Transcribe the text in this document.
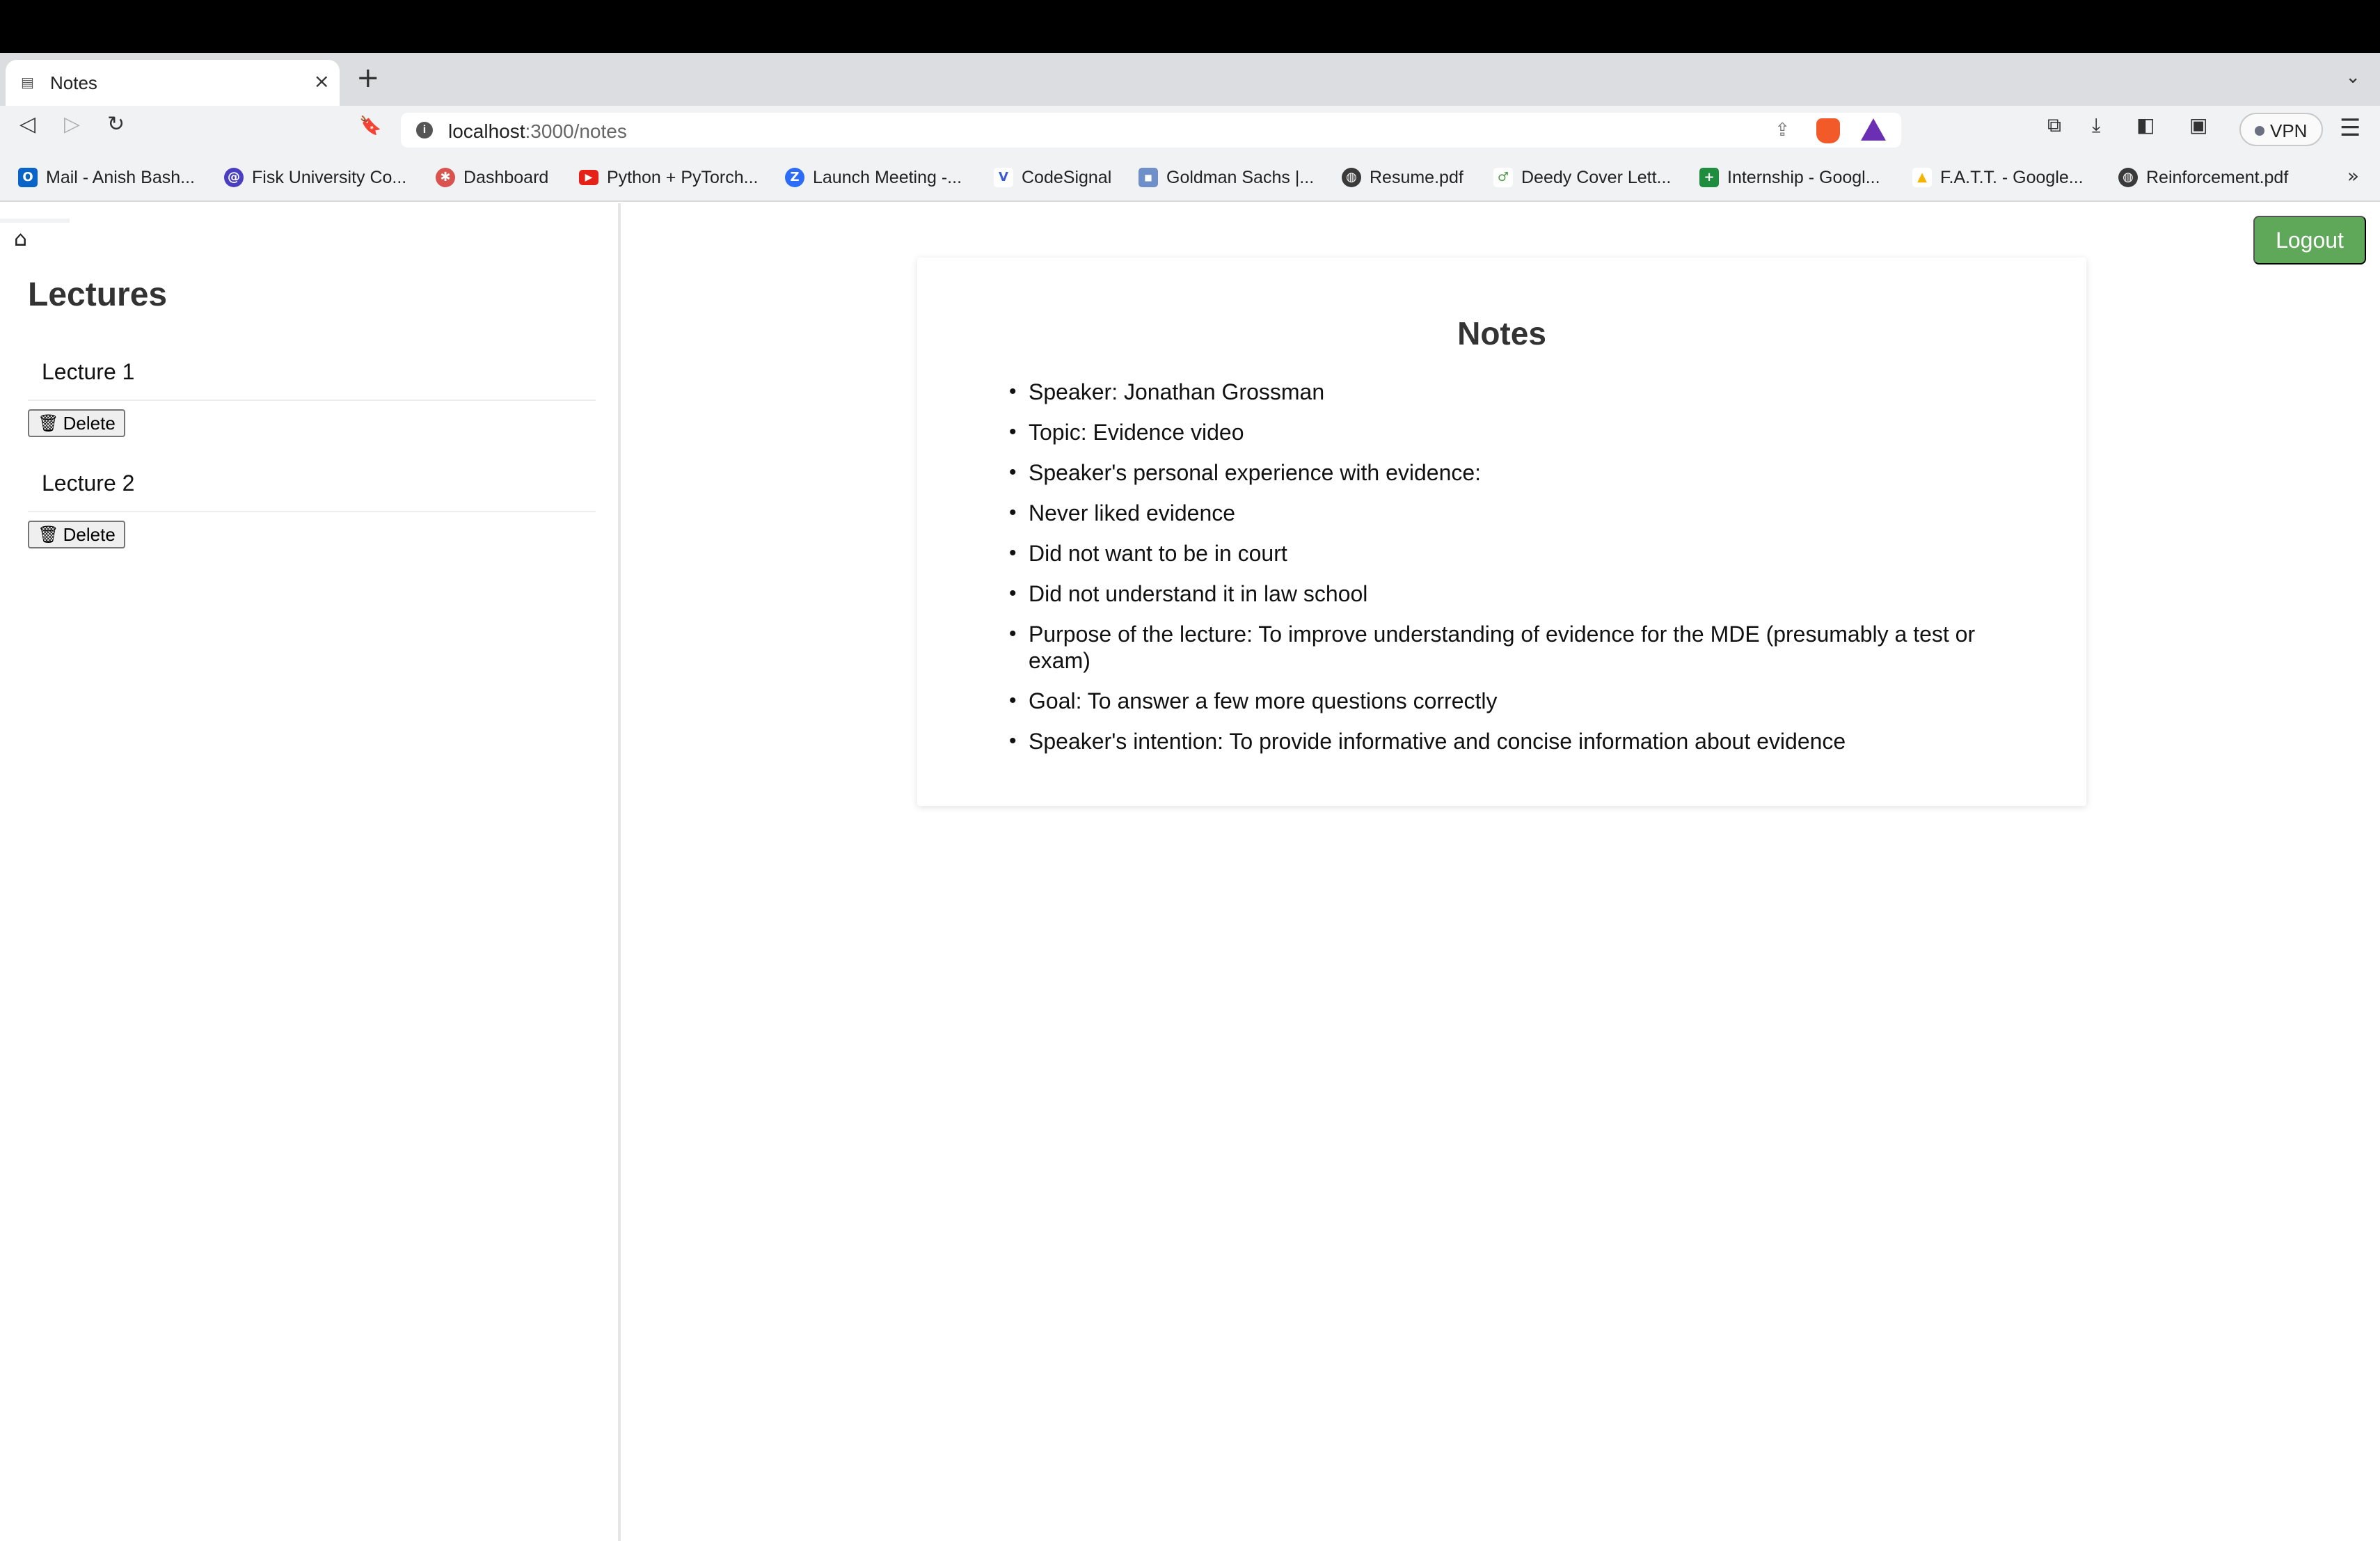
▤ Notes	× +	⌄
◁ ▷ ↻	🔖	i	localhost:3000/notes	⇪	⧉ ⤓ ◧ ▣	VPN ☰
O Mail - Anish Bash...	@ Fisk University Co...	✱ Dashboard	▶ Python + PyTorch...	Z Launch Meeting -...	V CodeSignal	■ Goldman Sachs |...	◍ Resume.pdf	♂ Deedy Cover Lett...	+ Internship - Googl...	▲ F.A.T.T. - Google...	◍ Reinforcement.pdf	»
⌂
Lectures
Lecture 1
🗑 Delete
Lecture 2
🗑 Delete
Logout
Notes
• Speaker: Jonathan Grossman
• Topic: Evidence video
• Speaker's personal experience with evidence:
• Never liked evidence
• Did not want to be in court
• Did not understand it in law school
• Purpose of the lecture: To improve understanding of evidence for the MDE (presumably a test or exam)
• Goal: To answer a few more questions correctly
• Speaker's intention: To provide informative and concise information about evidence
